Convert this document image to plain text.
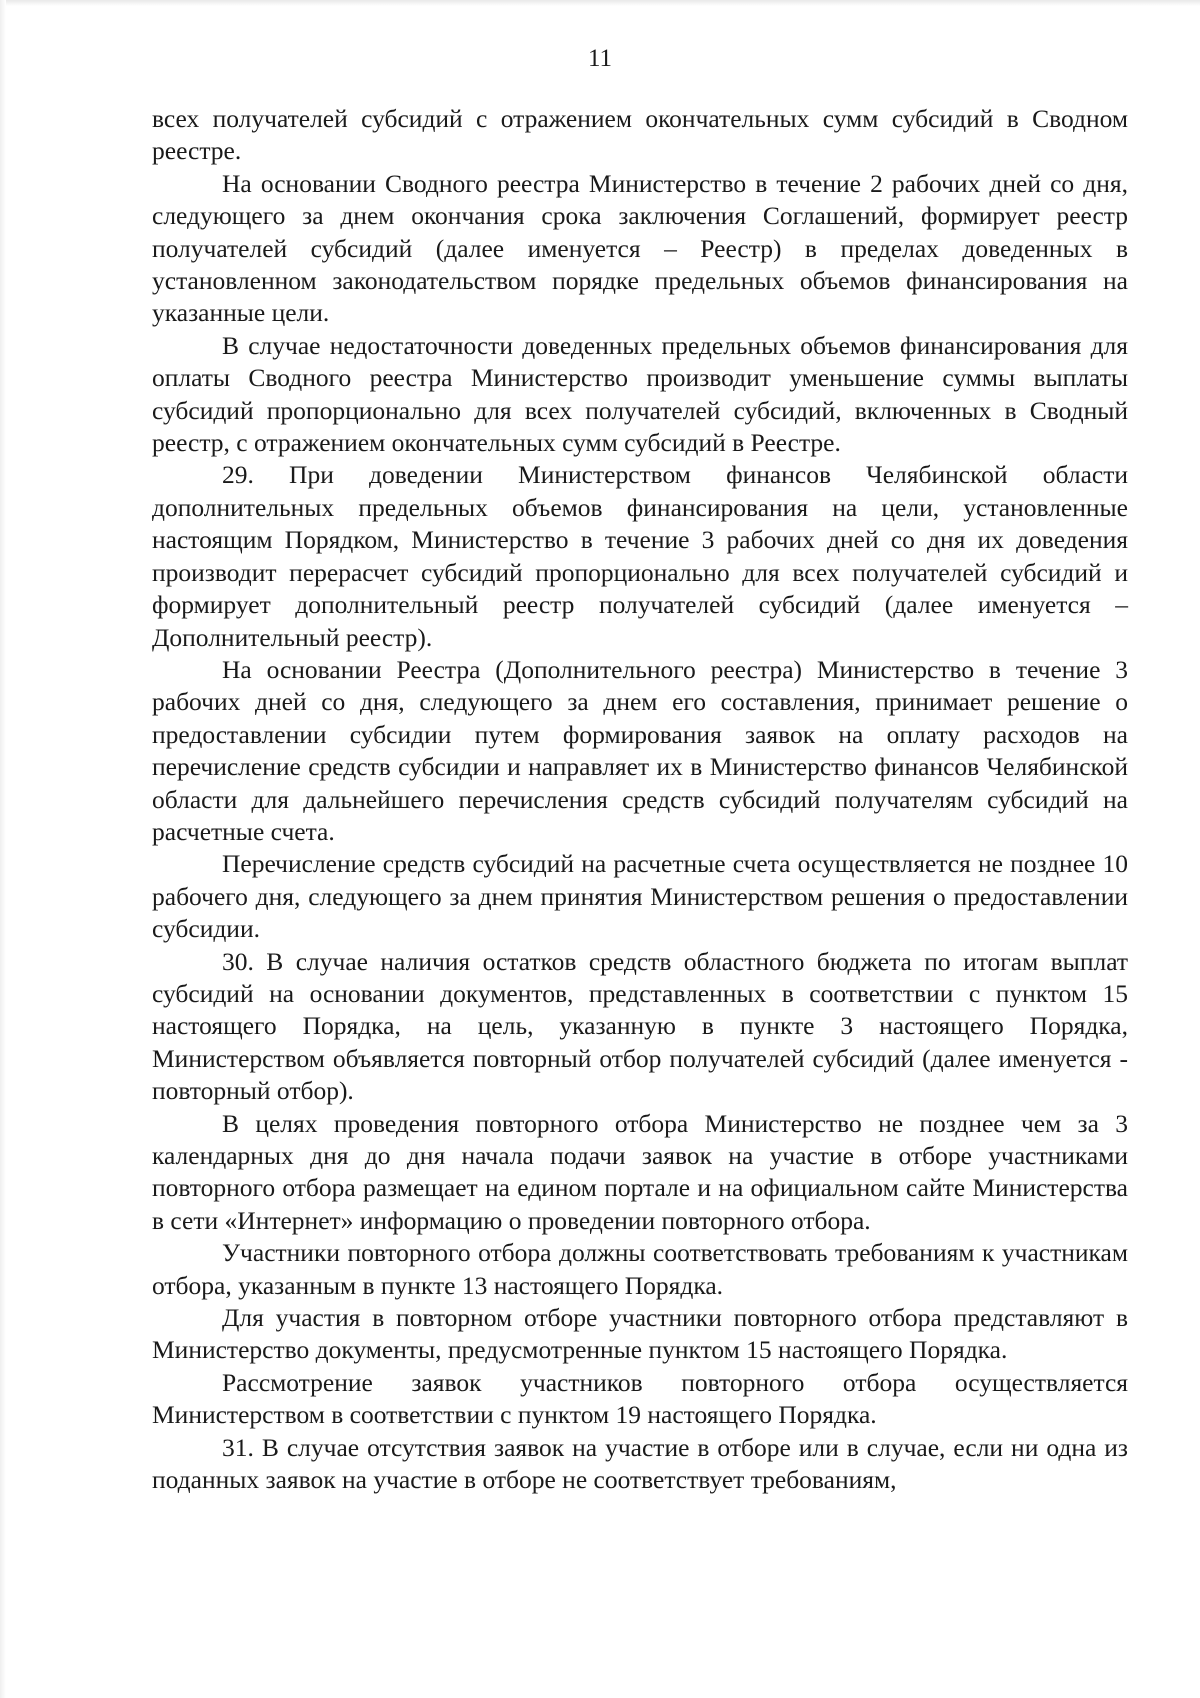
11

всех получателей субсидий с отражением окончательных сумм субсидий в Сводном реестре.

На основании Сводного реестра Министерство в течение 2 рабочих дней со дня, следующего за днем окончания срока заключения Соглашений, формирует реестр получателей субсидий (далее именуется – Реестр) в пределах доведенных в установленном законодательством порядке предельных объемов финансирования на указанные цели.

В случае недостаточности доведенных предельных объемов финансирования для оплаты Сводного реестра Министерство производит уменьшение суммы выплаты субсидий пропорционально для всех получателей субсидий, включенных в Сводный реестр, с отражением окончательных сумм субсидий в Реестре.

29. При доведении Министерством финансов Челябинской области дополнительных предельных объемов финансирования на цели, установленные настоящим Порядком, Министерство в течение 3 рабочих дней со дня их доведения производит перерасчет субсидий пропорционально для всех получателей субсидий и формирует дополнительный реестр получателей субсидий (далее именуется – Дополнительный реестр).

На основании Реестра (Дополнительного реестра) Министерство в течение 3 рабочих дней со дня, следующего за днем его составления, принимает решение о предоставлении субсидии путем формирования заявок на оплату расходов на перечисление средств субсидии и направляет их в Министерство финансов Челябинской области для дальнейшего перечисления средств субсидий получателям субсидий на расчетные счета.

Перечисление средств субсидий на расчетные счета осуществляется не позднее 10 рабочего дня, следующего за днем принятия Министерством решения о предоставлении субсидии.

30. В случае наличия остатков средств областного бюджета по итогам выплат субсидий на основании документов, представленных в соответствии с пунктом 15 настоящего Порядка, на цель, указанную в пункте 3 настоящего Порядка, Министерством объявляется повторный отбор получателей субсидий (далее именуется - повторный отбор).

В целях проведения повторного отбора Министерство не позднее чем за 3 календарных дня до дня начала подачи заявок на участие в отборе участниками повторного отбора размещает на едином портале и на официальном сайте Министерства в сети «Интернет» информацию о проведении повторного отбора.

Участники повторного отбора должны соответствовать требованиям к участникам отбора, указанным в пункте 13 настоящего Порядка.

Для участия в повторном отборе участники повторного отбора представляют в Министерство документы, предусмотренные пунктом 15 настоящего Порядка.

Рассмотрение заявок участников повторного отбора осуществляется Министерством в соответствии с пунктом 19 настоящего Порядка.

31. В случае отсутствия заявок на участие в отборе или в случае, если ни одна из поданных заявок на участие в отборе не соответствует требованиям,
